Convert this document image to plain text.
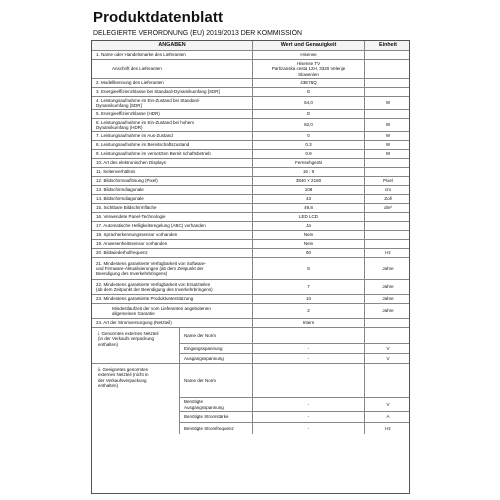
Produktdatenblatt
DELEGIERTE VERORDNUNG (EU) 2019/2013 DER KOMMISSION
ANGABEN	Wert und Genauigkeit	Einheit
1. Name oder Handelsmarke des Lieferanten	Hisense
Anschrift des Lieferanten
Hisense TV
Partizanska cesta 12H, 3320 Velenje
Slowenien
2. Modellkennung des Lieferanten	43E76Q
3. Energieeffizienzklasse bei Standard-Dynamikumfang [SDR]	G
4. Leistungsaufnahme im Ein-Zustand bei Standard-
Dynamikumfang [SDR]
54,0	W
5. Energieeffizienzklasse (HDR)	G
6. Leistungsaufnahme im Ein-Zustand bei hohem
Dynamikumfang (HDR)
82,0	W
7. Leistungsaufnahme im Aus-Zustand	0	W
8. Leistungsaufnahme im Bereitschaftszustand	0.3	W
9. Leistungsaufnahme im vernetzten Bereit schaftsbetrieb	0.9	W
10. Art des elektronischen Displays	Fernsehgerät
11. Seitenverhältnis	16 : 9
12. Bildschirmauflösung (Pixel)	3840 × 2160	Pixel
13. Bildschirmdiagonale	108	cm
14. Bildschirmdiagonale	43	Zoll
15. Sichtbare Bildschirmfläche	49,8	dm²
16. Verwendete Panel-Technologie	LED LCD
17. Automatische Helligkeitsregelung (ABC) vorhanden	Ja
18. Spracherkennungssensor vorhanden	Nein
19. Anwesenheitssensor vorhanden	Nein
20. Bildwiederholfrequenz	60	Hz
21. Mindestens garantierte Verfügbarkeit von Software-
und Firmware-Aktualisierungen (ab dem Zeitpunkt der
Beendigung des Inverkehrbringens)
8	Jahre
22. Mindestens garantierte Verfügbarkeit von Ersatzteilen
(ab dem Zeitpunkt der Beendigung des Inverkehrbringens)
7	Jahre
23. Mindestens garantierte Produktunterstützung	10	Jahre
Mindestlaufzeit der vom Lieferanten angebotenen
allgemeinen Garantie
2	Jahre
24. Art der Stromversorgung (Netzteil)	Intern
i. Genormtes externes Netzteil
(in der Verkaufs verpackung
enthalten)
Name der Norm
Eingangsspannung	-	V
Ausgangsspannung	-	V
ii. Geeignetes genormtes
externes Netzteil (nicht in
der Verkaufsverpackung
enthalten)
Name der Norm
Benötigte
Ausgangsspannung
-	V
Benötigte Stromstärke	-	A
Benötigte Stromfrequenz	-	Hz
